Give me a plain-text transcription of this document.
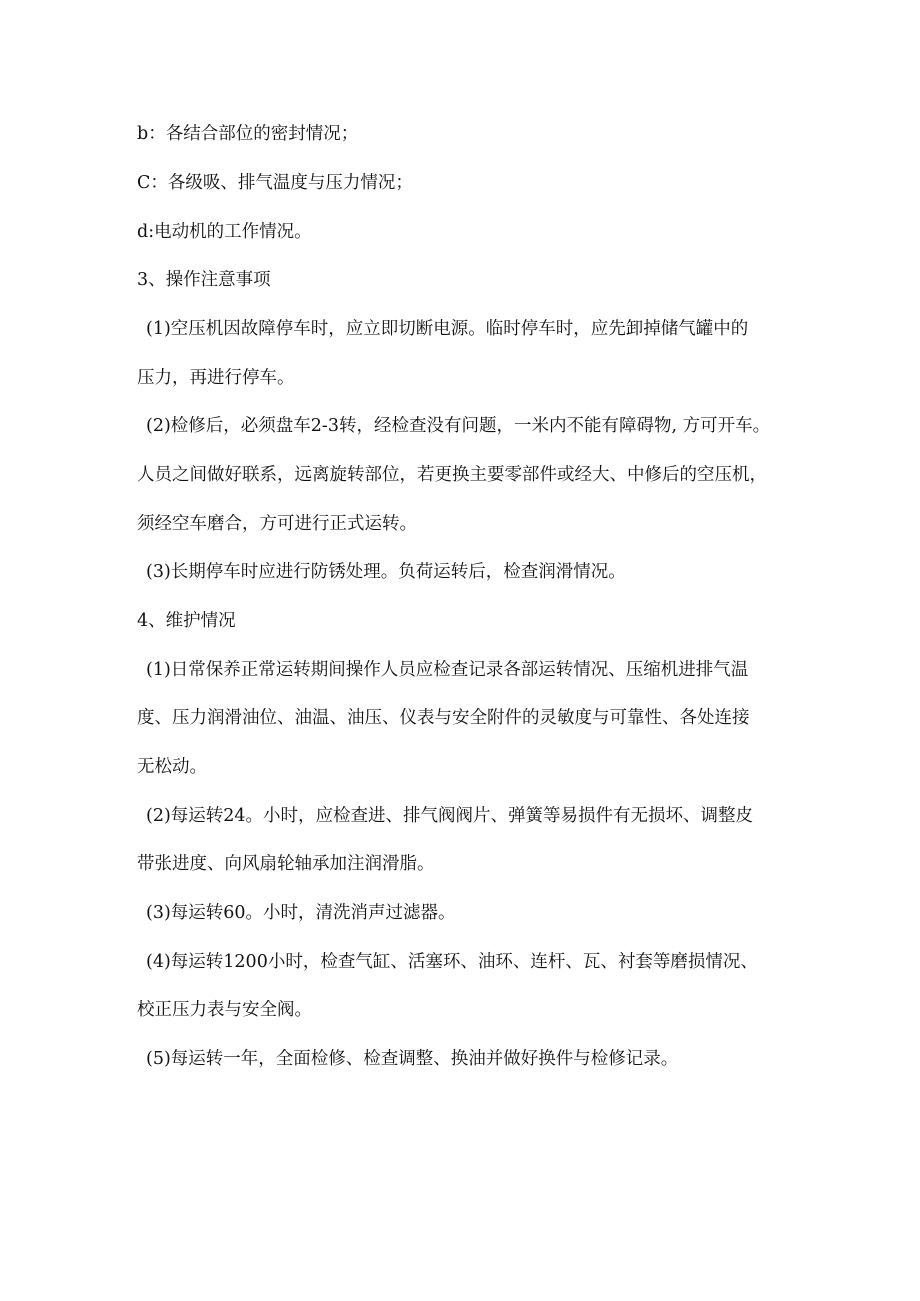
b：各结合部位的密封情况；
C：各级吸、排气温度与压力情况；
d:电动机的工作情况。
3、操作注意事项
(1)空压机因故障停车时，应立即切断电源。临时停车时，应先卸掉储气罐中的
压力，再进行停车。
(2)检修后，必须盘车2-3转，经检查没有问题，一米内不能有障碍物, 方可开车。
人员之间做好联系，远离旋转部位，若更换主要零部件或经大、中修后的空压机，
须经空车磨合，方可进行正式运转。
(3)长期停车时应进行防锈处理。负荷运转后，检查润滑情况。
4、维护情况
(1)日常保养正常运转期间操作人员应检查记录各部运转情况、压缩机进排气温
度、压力润滑油位、油温、油压、仪表与安全附件的灵敏度与可靠性、各处连接
无松动。
(2)每运转24。小时，应检查进、排气阀阀片、弹簧等易损件有无损坏、调整皮
带张进度、向风扇轮轴承加注润滑脂。
(3)每运转60。小时，清洗消声过滤器。
(4)每运转1200小时，检查气缸、活塞环、油环、连杆、瓦、衬套等磨损情况、
校正压力表与安全阀。
(5)每运转一年，全面检修、检查调整、换油并做好换件与检修记录。
